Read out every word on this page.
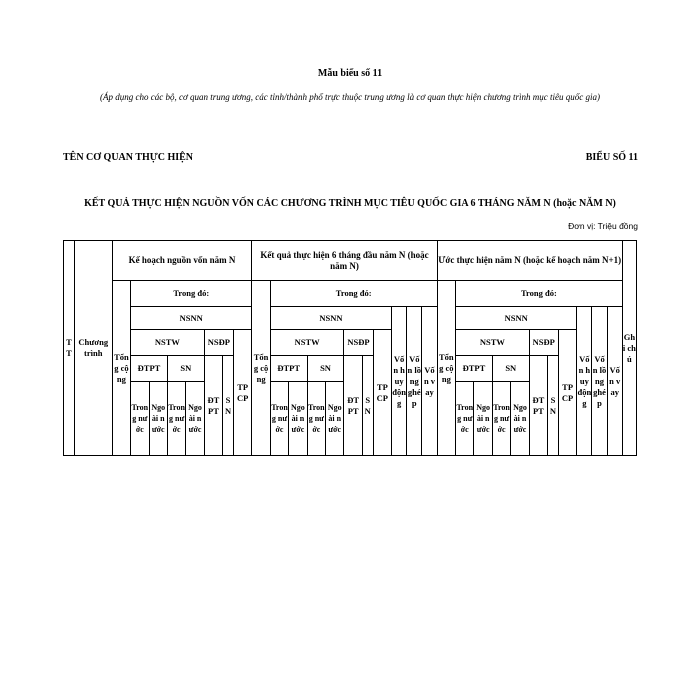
Mẫu biểu số 11
(Áp dụng cho các bộ, cơ quan trung ương, các tỉnh/thành phố trực thuộc trung ương là cơ quan thực hiện chương trình mục tiêu quốc gia)
TÊN CƠ QUAN THỰC HIỆN	BIỂU SỐ 11
KẾT QUẢ THỰC HIỆN NGUỒN VỐN CÁC CHƯƠNG TRÌNH MỤC TIÊU QUỐC GIA 6 THÁNG NĂM N (hoặc NĂM N)
Đơn vị: Triệu đồng
TT	Chương trình	Kế hoạch nguồn vốn năm N								Kết quả thực hiện 6 tháng đầu năm N (hoặc năm N)											Ước thực hiện năm N (hoặc kế hoạch năm N+1)											Ghi chú
		Tổng cộng	Trong đó:							Tổng cộng	Trong đó:										Tổng cộng	Trong đó:										
			NSNN								NSNN							Vốn huy động	Vốn lồng ghép	Vốn vay		NSNN							Vốn huy động	Vốn lồng ghép	Vốn vay	
			NSTW				NSĐP		TP CP		NSTW				NSĐP		TP CP					NSTW				NSĐP		TP CP				
			ĐTPT		SN		ĐT PT	SN			ĐTPT		SN		ĐT PT	SN						ĐTPT		SN		ĐT PT	SN					
			Trong nước	Ngoài nước	Trong nước	Ngoài nước					Trong nước	Ngoài nước	Trong nước	Ngoài nước								Trong nước	Ngoài nước	Trong nước	Ngoài nước							
